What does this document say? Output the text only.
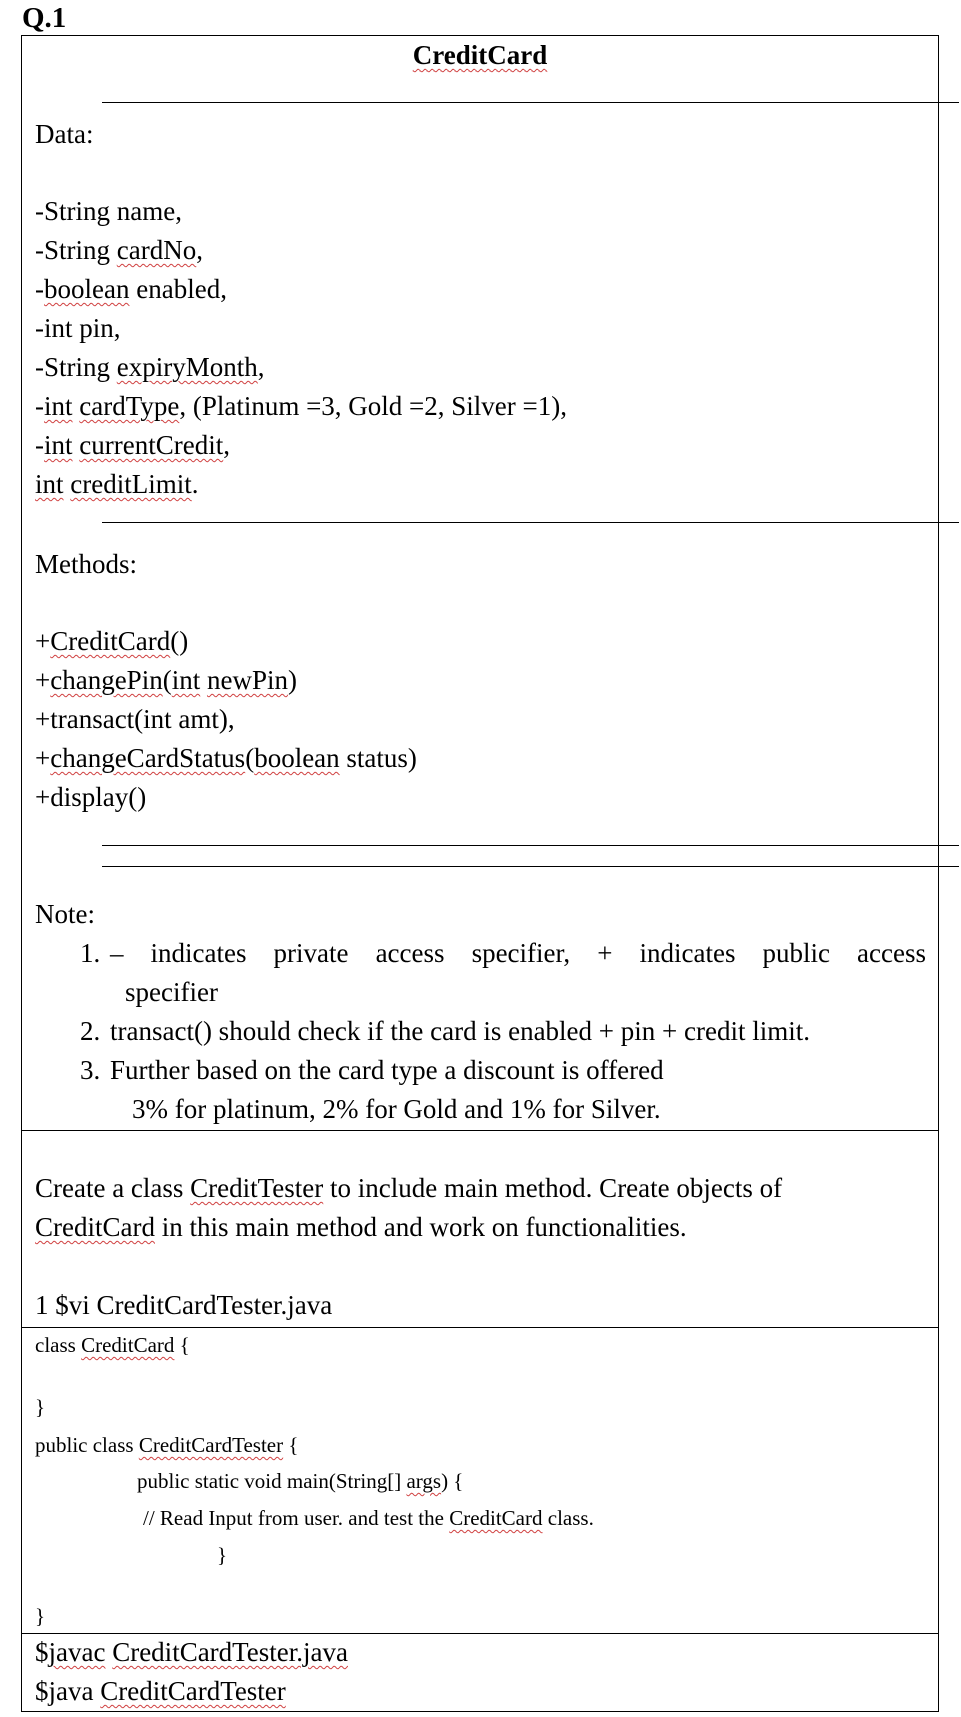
Q.1
CreditCard
Data:
-String name,
-String cardNo,
-boolean enabled,
-int pin,
-String expiryMonth,
-int cardType, (Platinum =3, Gold =2, Silver =1),
-int currentCredit,
int creditLimit.
Methods:
+CreditCard()
+changePin(int newPin)
+transact(int amt),
+changeCardStatus(boolean status)
+display()
Note:
1. – indicates private access specifier, + indicates public access
specifier
2. transact() should check if the card is enabled + pin + credit limit.
3. Further based on the card type a discount is offered
3% for platinum, 2% for Gold and 1% for Silver.
Create a class CreditTester to include main method. Create objects of
CreditCard in this main method and work on functionalities.
1 $vi CreditCardTester.java
class CreditCard {
}
public class CreditCardTester {
public static void main(String[] args) {
// Read Input from user. and test the CreditCard class.
}
}
$javac CreditCardTester.java
$java CreditCardTester
